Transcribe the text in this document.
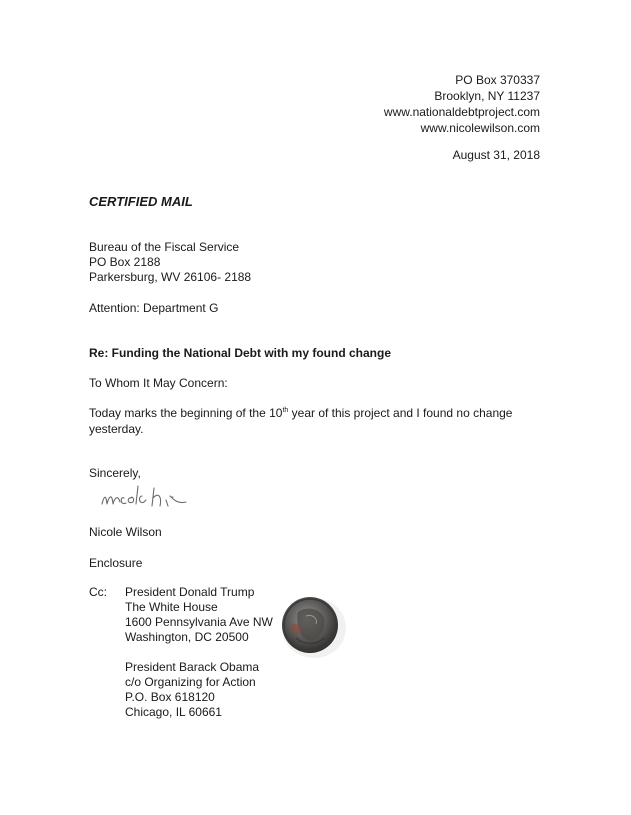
PO Box 370337
Brooklyn, NY 11237
www.nationaldebtproject.com
www.nicolewilson.com
August 31, 2018
CERTIFIED MAIL
Bureau of the Fiscal Service
PO Box 2188
Parkersburg, WV 26106- 2188
Attention: Department G
Re: Funding the National Debt with my found change
To Whom It May Concern:
Today marks the beginning of the 10th year of this project and I found no change yesterday.
Sincerely,
Nicole Wilson
Enclosure
Cc: President Donald Trump
The White House
1600 Pennsylvania Ave NW
Washington, DC 20500
President Barack Obama
c/o Organizing for Action
P.O. Box 618120
Chicago, IL 60661
